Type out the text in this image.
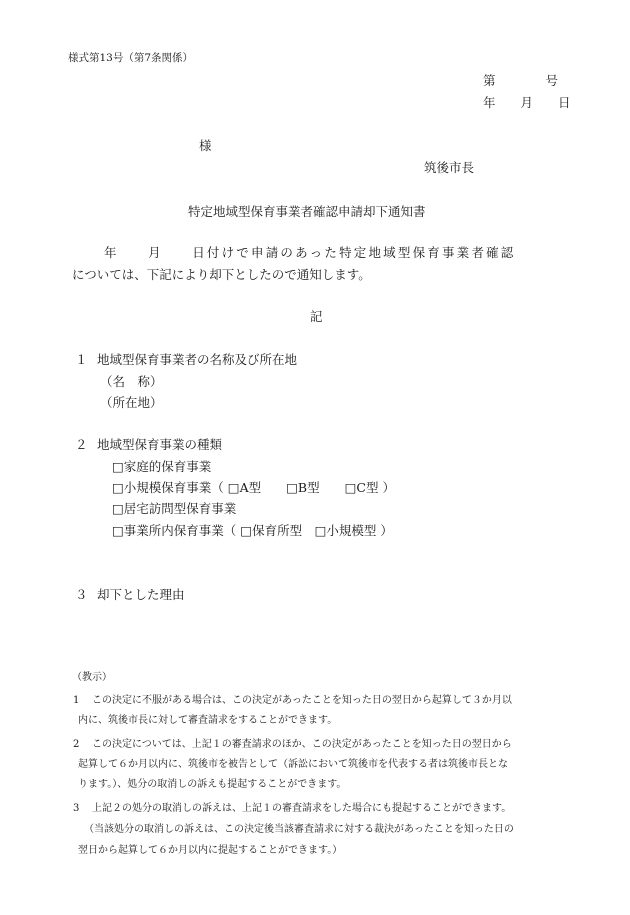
様式第13号（第7条関係）
第　　　　号
年　　月　　日
様
筑後市長
特定地域型保育事業者確認申請却下通知書
年　　月　　日付けで申請のあった特定地域型保育事業者確認
については、下記により却下としたので通知します。
記
１ 地域型保育事業者の名称及び所在地
（名　称）
（所在地）
２ 地域型保育事業の種類
□家庭的保育事業
□小規模保育事業（ □A型　　□B型　　□C型 ）
□居宅訪問型保育事業
□事業所内保育事業（ □保育所型　□小規模型 ）
３ 却下とした理由
（教示）
1 この決定に不服がある場合は、この決定があったことを知った日の翌日から起算して３か月以
内に、筑後市長に対して審査請求をすることができます。
2 この決定については、上記１の審査請求のほか、この決定があったことを知った日の翌日から
起算して６か月以内に、筑後市を被告として（訴訟において筑後市を代表する者は筑後市長とな
ります。）、処分の取消しの訴えも提起することができます。
3 上記２の処分の取消しの訴えは、上記１の審査請求をした場合にも提起することができます。
（当該処分の取消しの訴えは、この決定後当該審査請求に対する裁決があったことを知った日の
翌日から起算して６か月以内に提起することができます。）
